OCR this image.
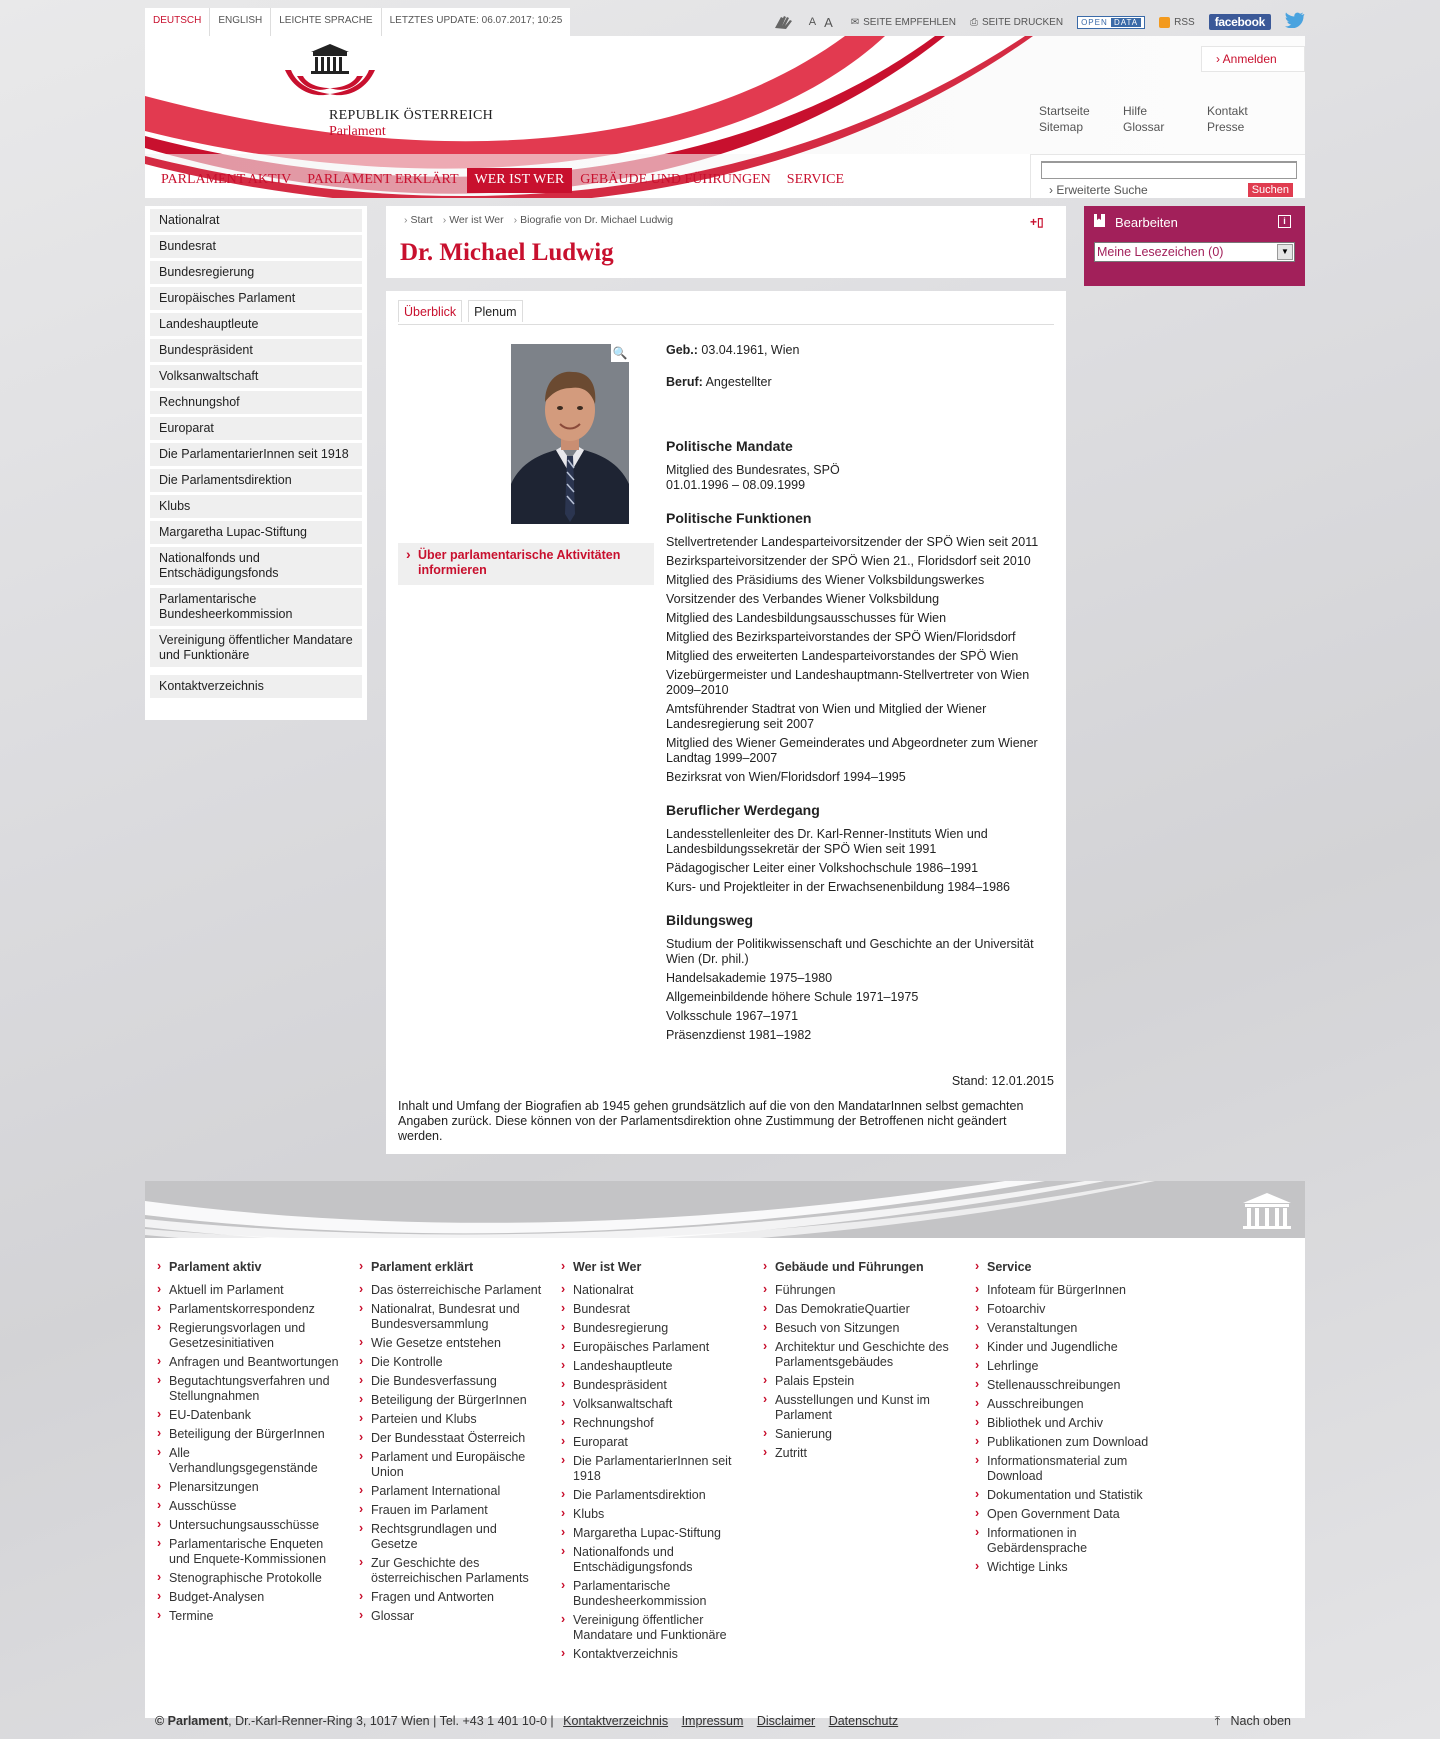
DEUTSCH	ENGLISH	LEICHTE SPRACHE	LETZTES UPDATE: 06.07.2017; 10:25	A A ✉ SEITE EMPFEHLEN ⎙ SEITE DRUCKEN	OPEN DATA	RSS	facebook
REPUBLIK ÖSTERREICH
Parlament
› Anmelden
Startseite	Hilfe	Kontakt
Sitemap	Glossar	Presse
PARLAMENT AKTIV	PARLAMENT ERKLÄRT	WER IST WER	GEBÄUDE UND FÜHRUNGEN	SERVICE
› Erweiterte Suche	Suchen
Nationalrat
Bundesrat
Bundesregierung
Europäisches Parlament
Landeshauptleute
Bundespräsident
Volksanwaltschaft
Rechnungshof
Europarat
Die ParlamentarierInnen seit 1918
Die Parlamentsdirektion
Klubs
Margaretha Lupac-Stiftung
Nationalfonds und Entschädigungsfonds
Parlamentarische Bundesheerkommission
Vereinigung öffentlicher Mandatare und Funktionäre
Kontaktverzeichnis
› Start	› Wer ist Wer	› Biografie von Dr. Michael Ludwig	+▯
Dr. Michael Ludwig
Überblick	Plenum
🔍
› Über parlamentarische Aktivitäten informieren
Geb.: 03.04.1961, Wien
Beruf: Angestellter
Politische Mandate
Mitglied des Bundesrates, SPÖ
01.01.1996 – 08.09.1999
Politische Funktionen
Stellvertretender Landesparteivorsitzender der SPÖ Wien seit 2011
Bezirksparteivorsitzender der SPÖ Wien 21., Floridsdorf seit 2010
Mitglied des Präsidiums des Wiener Volksbildungswerkes
Vorsitzender des Verbandes Wiener Volksbildung
Mitglied des Landesbildungsausschusses für Wien
Mitglied des Bezirksparteivorstandes der SPÖ Wien/Floridsdorf
Mitglied des erweiterten Landesparteivorstandes der SPÖ Wien
Vizebürgermeister und Landeshauptmann-Stellvertreter von Wien 2009–2010
Amtsführender Stadtrat von Wien und Mitglied der Wiener Landesregierung seit 2007
Mitglied des Wiener Gemeinderates und Abgeordneter zum Wiener Landtag 1999–2007
Bezirksrat von Wien/Floridsdorf 1994–1995
Beruflicher Werdegang
Landesstellenleiter des Dr. Karl-Renner-Instituts Wien und Landesbildungssekretär der SPÖ Wien seit 1991
Pädagogischer Leiter einer Volkshochschule 1986–1991
Kurs- und Projektleiter in der Erwachsenenbildung 1984–1986
Bildungsweg
Studium der Politikwissenschaft und Geschichte an der Universität Wien (Dr. phil.)
Handelsakademie 1975–1980
Allgemeinbildende höhere Schule 1971–1975
Volksschule 1967–1971
Präsenzdienst 1981–1982
Stand: 12.01.2015
Inhalt und Umfang der Biografien ab 1945 gehen grundsätzlich auf die von den MandatarInnen selbst gemachten Angaben zurück. Diese können von der Parlamentsdirektion ohne Zustimmung der Betroffenen nicht geändert werden.
Bearbeiten	i
Meine Lesezeichen (0)	▼
› Parlament aktiv
› Aktuell im Parlament
› Parlamentskorrespondenz
› Regierungsvorlagen und Gesetzesinitiativen
› Anfragen und Beantwortungen
› Begutachtungsverfahren und Stellungnahmen
› EU-Datenbank
› Beteiligung der BürgerInnen
› Alle Verhandlungsgegenstände
› Plenarsitzungen
› Ausschüsse
› Untersuchungsausschüsse
› Parlamentarische Enqueten und Enquete-Kommissionen
› Stenographische Protokolle
› Budget-Analysen
› Termine
› Parlament erklärt
› Das österreichische Parlament
› Nationalrat, Bundesrat und Bundesversammlung
› Wie Gesetze entstehen
› Die Kontrolle
› Die Bundesverfassung
› Beteiligung der BürgerInnen
› Parteien und Klubs
› Der Bundesstaat Österreich
› Parlament und Europäische Union
› Parlament International
› Frauen im Parlament
› Rechtsgrundlagen und Gesetze
› Zur Geschichte des österreichischen Parlaments
› Fragen und Antworten
› Glossar
› Wer ist Wer
› Nationalrat
› Bundesrat
› Bundesregierung
› Europäisches Parlament
› Landeshauptleute
› Bundespräsident
› Volksanwaltschaft
› Rechnungshof
› Europarat
› Die ParlamentarierInnen seit 1918
› Die Parlamentsdirektion
› Klubs
› Margaretha Lupac-Stiftung
› Nationalfonds und Entschädigungsfonds
› Parlamentarische Bundesheerkommission
› Vereinigung öffentlicher Mandatare und Funktionäre
› Kontaktverzeichnis
› Gebäude und Führungen
› Führungen
› Das DemokratieQuartier
› Besuch von Sitzungen
› Architektur und Geschichte des Parlamentsgebäudes
› Palais Epstein
› Ausstellungen und Kunst im Parlament
› Sanierung
› Zutritt
› Service
› Infoteam für BürgerInnen
› Fotoarchiv
› Veranstaltungen
› Kinder und Jugendliche
› Lehrlinge
› Stellenausschreibungen
› Ausschreibungen
› Bibliothek und Archiv
› Publikationen zum Download
› Informationsmaterial zum Download
› Dokumentation und Statistik
› Open Government Data
› Informationen in Gebärdensprache
› Wichtige Links
© Parlament, Dr.-Karl-Renner-Ring 3, 1017 Wien | Tel. +43 1 401 10-0 | Kontaktverzeichnis Impressum Disclaimer Datenschutz	⤒ Nach oben
